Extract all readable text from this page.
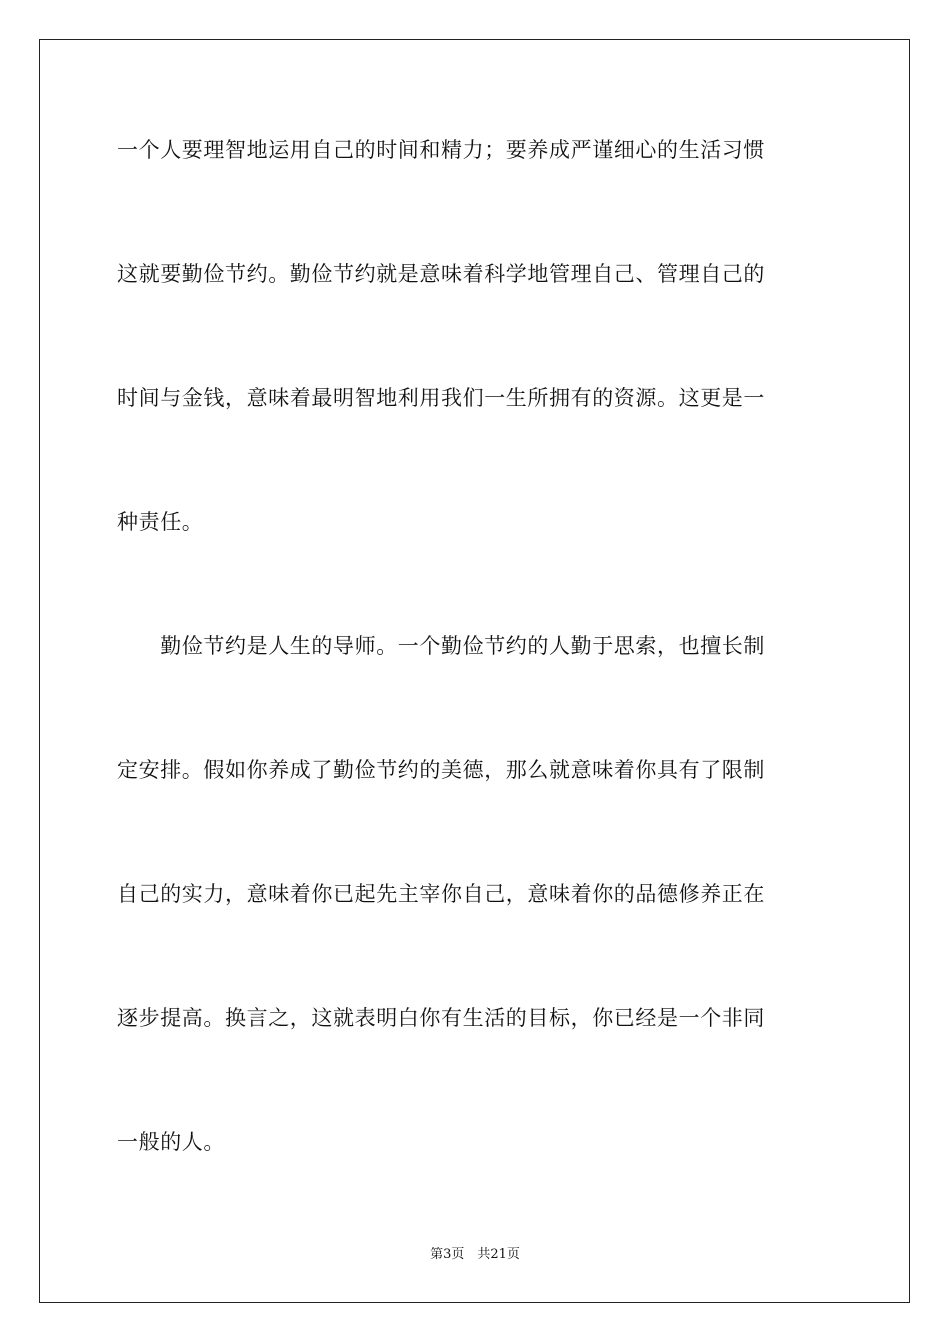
一个人要理智地运用自己的时间和精力；要养成严谨细心的生活习惯
这就要勤俭节约。勤俭节约就是意味着科学地管理自己、管理自己的
时间与金钱，意味着最明智地利用我们一生所拥有的资源。这更是一
种责任。
　　勤俭节约是人生的导师。一个勤俭节约的人勤于思索，也擅长制
定安排。假如你养成了勤俭节约的美德，那么就意味着你具有了限制
自己的实力，意味着你已起先主宰你自己，意味着你的品德修养正在
逐步提高。换言之，这就表明白你有生活的目标，你已经是一个非同
一般的人。
第3页　共21页
